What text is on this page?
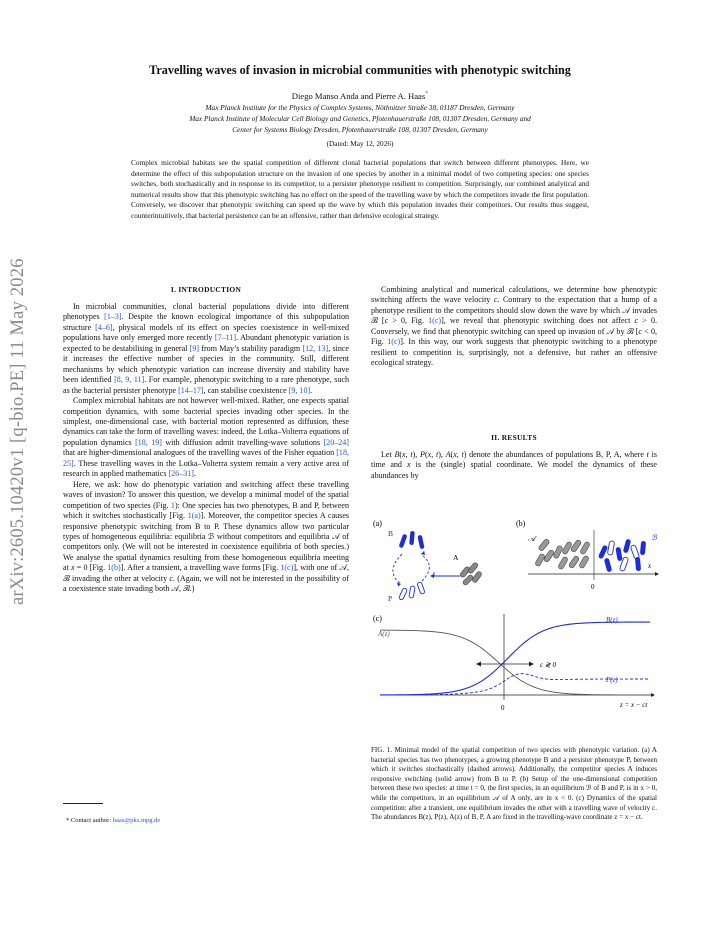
arXiv:2605.10420v1 [q-bio.PE] 11 May 2026
Travelling waves of invasion in microbial communities with phenotypic switching
Diego Manso Anda and Pierre A. Haas*
Max Planck Institute for the Physics of Complex Systems, Nöthnitzer Straße 38, 01187 Dresden, Germany
Max Planck Institute of Molecular Cell Biology and Genetics, Pfotenhauerstraße 108, 01307 Dresden, Germany and
Center for Systems Biology Dresden, Pfotenhauerstraße 108, 01307 Dresden, Germany
(Dated: May 12, 2026)
Complex microbial habitats see the spatial competition of different clonal bacterial populations that switch between different phenotypes. Here, we determine the effect of this subpopulation structure on the invasion of one species by another in a minimal model of two competing species: one species switches, both stochastically and in response to its competitor, to a persister phenotype resilient to competition. Surprisingly, our combined analytical and numerical results show that this phenotypic switching has no effect on the speed of the travelling wave by which the competitors invade the first population. Conversely, we discover that phenotypic switching can speed up the wave by which this population invades their competitors. Our results thus suggest, counterintuitively, that bacterial persistence can be an offensive, rather than defensive ecological strategy.
I. INTRODUCTION
II. RESULTS

In microbial communities, clonal bacterial populations divide into different phenotypes [1–3]. Despite the known ecological importance of this subpopulation structure [4–6], physical models of its effect on species coexistence in well-mixed populations have only emerged more recently [7–11]. Abundant phenotypic variation is expected to be destabilising in general [9] from May’s stability paradigm [12, 13], since it increases the effective number of species in the community. Still, different mechanisms by which phenotypic variation can increase diversity and stability have been identified [8, 9, 11]. For example, phenotypic switching to a rare phenotype, such as the bacterial persister phenotype [14–17], can stabilise coexistence [9, 10].

Complex microbial habitats are not however well-mixed. Rather, one expects spatial competition dynamics, with some bacterial species invading other species. In the simplest, one-dimensional case, with bacterial motion represented as diffusion, these dynamics can take the form of travelling waves: indeed, the Lotka–Volterra equations of population dynamics [18, 19] with diffusion admit travelling-wave solutions [20–24] that are higher-dimensional analogues of the travelling waves of the Fisher equation [18, 25]. These travelling waves in the Lotka–Volterra system remain a very active area of research in applied mathematics [26–31].

Here, we ask: how do phenotypic variation and switching affect these travelling waves of invasion? To answer this question, we develop a minimal model of the spatial competition of two species (Fig. 1): One species has two phenotypes, B and P, between which it switches stochastically [Fig. 1(a)]. Moreover, the competitor species A causes responsive phenotypic switching from B to P. These dynamics allow two particular types of homogeneous equilibria: equilibria ℬ without competitors and equilibria 𝒜 of competitors only. (We will not be interested in coexistence equilibria of both species.) We analyse the spatial dynamics resulting from these homogeneous equilibria meeting at x = 0 [Fig. 1(b)]. After a transient, a travelling wave forms [Fig. 1(c)], with one of 𝒜, ℬ invading the other at velocity c. (Again, we will not be interested in the possibility of a coexistence state invading both 𝒜, ℬ.)

* Contact author: haas@pks.mpg.de

Combining analytical and numerical calculations, we determine how phenotypic switching affects the wave velocity c. Contrary to the expectation that a hump of a phenotype resilient to the competitors should slow down the wave by which 𝒜 invades ℬ [c > 0, Fig. 1(c)], we reveal that phenotypic switching does not affect c > 0. Conversely, we find that phenotypic switching can speed up invasion of 𝒜 by ℬ [c < 0, Fig. 1(c)]. In this way, our work suggests that phenotypic switching to a phenotype resilient to competition is, surprisingly, not a defensive, but rather an offensive ecological strategy.

Let B(x, t), P(x, t), A(x, t) denote the abundances of populations B, P, A, where t is time and x is the (single) spatial coordinate. We model the dynamics of these abundances by

(a)	(b)
(c)
B
P
A
𝒜	ℬ
x
0
A(z)
B(z)
P(z)
z = x − ct
0
c ≷ 0
FIG. 1. Minimal model of the spatial competition of two species with phenotypic variation. (a) A bacterial species has two phenotypes, a growing phenotype B and a persister phenotype P, between which it switches stochastically (dashed arrows). Additionally, the competitor species A induces responsive switching (solid arrow) from B to P. (b) Setup of the one-dimensional competition between these two species: at time t = 0, the first species, in an equilibrium ℬ of B and P, is in x > 0, while the competitors, in an equilibrium 𝒜 of A only, are in x < 0. (c) Dynamics of the spatial competition: after a transient, one equilibrium invades the other with a travelling wave of velocity c. The abundances B(z), P(z), A(z) of B, P, A are fixed in the travelling-wave coordinate z = x − ct.
